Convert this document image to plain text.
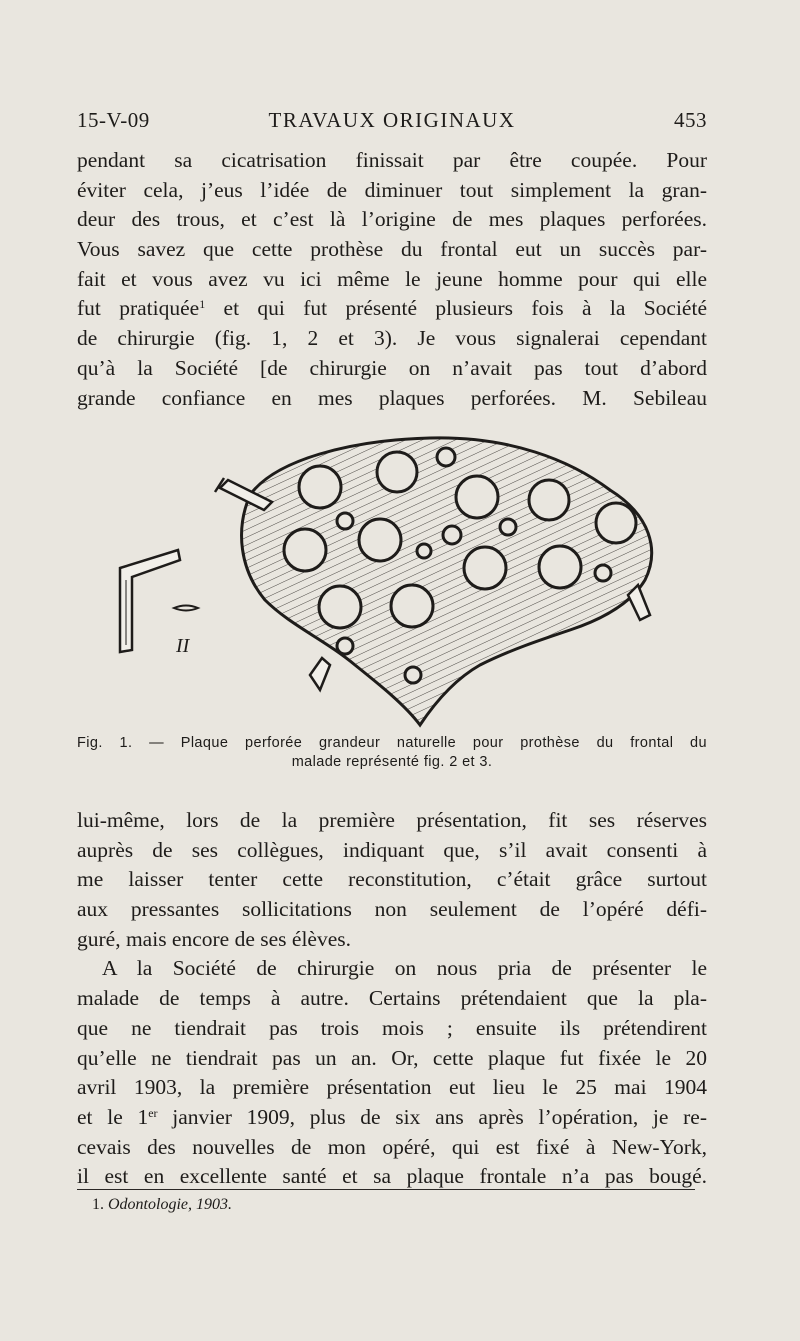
15-V-09	TRAVAUX ORIGINAUX	453
pendant sa cicatrisation finissait par être coupée. Pour
éviter cela, j’eus l’idée de diminuer tout simplement la gran-
deur des trous, et c’est là l’origine de mes plaques perforées.
Vous savez que cette prothèse du frontal eut un succès par-
fait et vous avez vu ici même le jeune homme pour qui elle
fut pratiquée$^1$ et qui fut présenté plusieurs fois à la Société
de chirurgie (fig. 1, 2 et 3). Je vous signalerai cependant
qu’à la Société [de chirurgie on n’avait pas tout d’abord
grande confiance en mes plaques perforées. M. Sebileau
II
Fig. 1. — Plaque perforée grandeur naturelle pour prothèse du frontal du
malade représenté fig. 2 et 3.
lui-même, lors de la première présentation, fit ses réserves
auprès de ses collègues, indiquant que, s’il avait consenti à
me laisser tenter cette reconstitution, c’était grâce surtout
aux pressantes sollicitations non seulement de l’opéré défi-
guré, mais encore de ses élèves.
A la Société de chirurgie on nous pria de présenter le
malade de temps à autre. Certains prétendaient que la pla-
que ne tiendrait pas trois mois ; ensuite ils prétendirent
qu’elle ne tiendrait pas un an. Or, cette plaque fut fixée le 20
avril 1903, la première présentation eut lieu le 25 mai 1904
et le 1er janvier 1909, plus de six ans après l’opération, je re-
cevais des nouvelles de mon opéré, qui est fixé à New-York,
il est en excellente santé et sa plaque frontale n’a pas bougé.
1. Odontologie, 1903.
